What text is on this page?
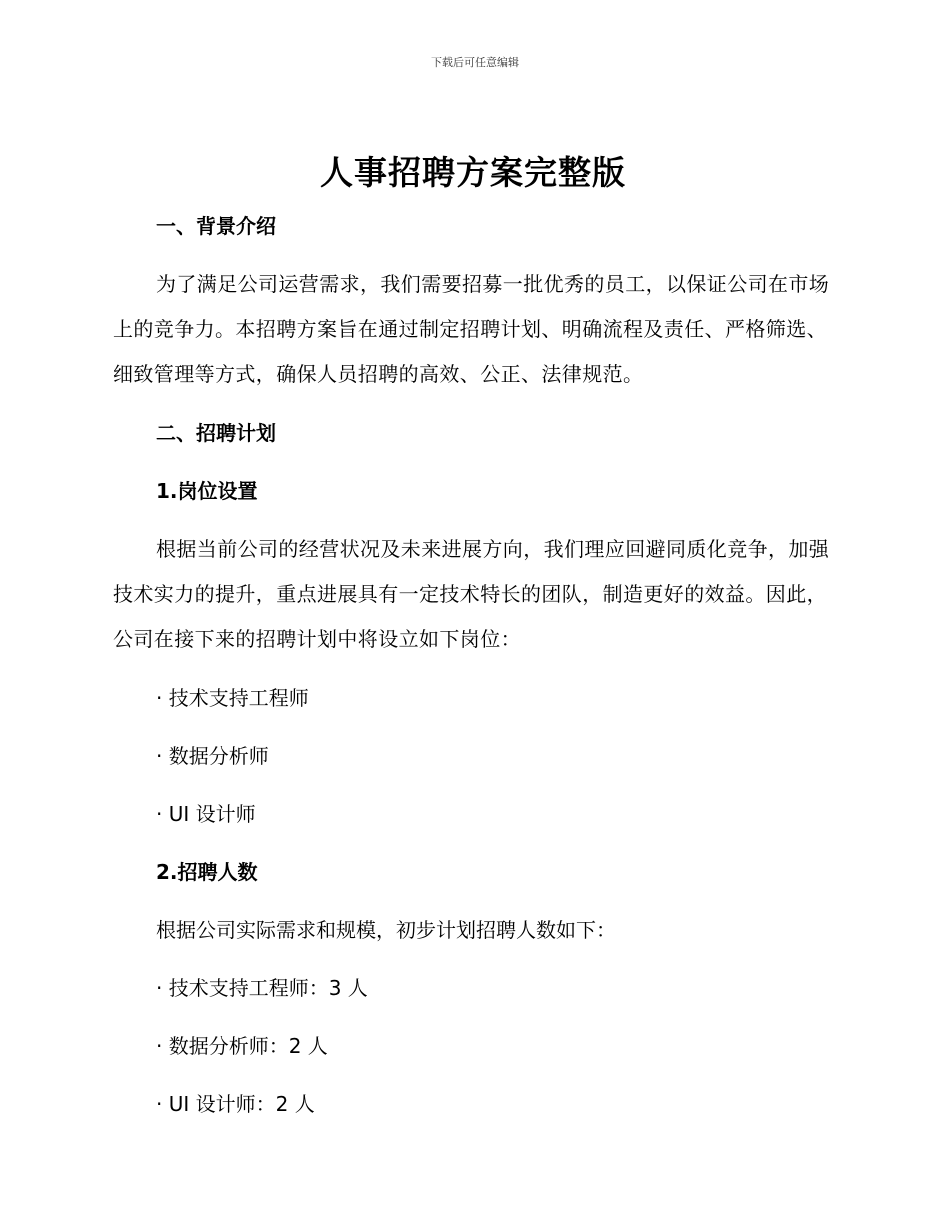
下载后可任意编辑
人事招聘方案完整版
一、背景介绍
为了满足公司运营需求，我们需要招募一批优秀的员工，以保证公司在市场上的竞争力。本招聘方案旨在通过制定招聘计划、明确流程及责任、严格筛选、细致管理等方式，确保人员招聘的高效、公正、法律规范。
二、招聘计划
1.岗位设置
根据当前公司的经营状况及未来进展方向，我们理应回避同质化竞争，加强技术实力的提升，重点进展具有一定技术特长的团队，制造更好的效益。因此，公司在接下来的招聘计划中将设立如下岗位：
· 技术支持工程师
· 数据分析师
· UI 设计师
2.招聘人数
根据公司实际需求和规模，初步计划招聘人数如下：
· 技术支持工程师：3 人
· 数据分析师：2 人
· UI 设计师：2 人
